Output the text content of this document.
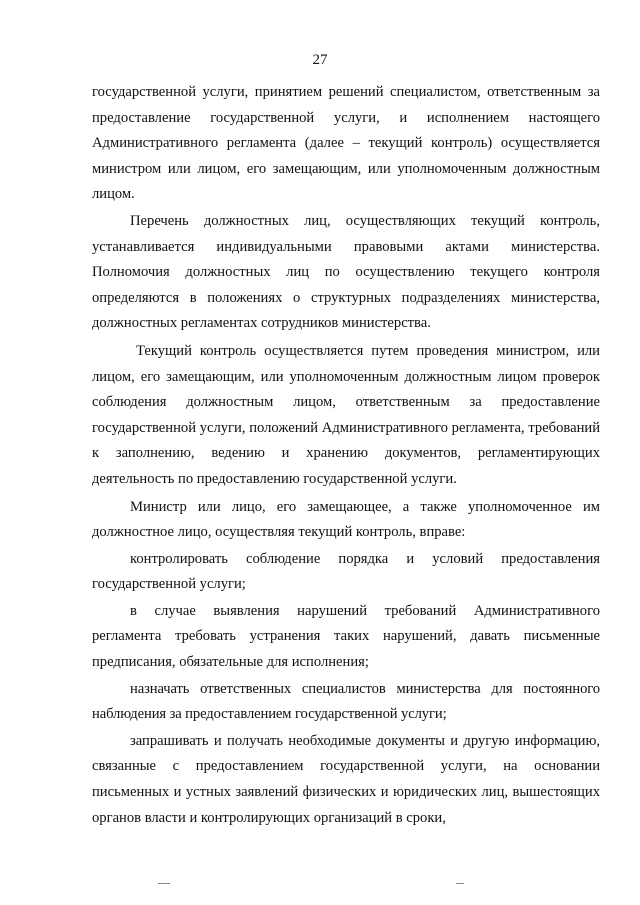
27

государственной услуги, принятием решений специалистом, ответственным за предоставление государственной услуги, и исполнением настоящего Административного регламента (далее – текущий контроль) осуществляется министром или лицом, его замещающим, или уполномоченным должностным лицом.

Перечень должностных лиц, осуществляющих текущий контроль, устанавливается индивидуальными правовыми актами министерства. Полномочия должностных лиц по осуществлению текущего контроля определяются в положениях о структурных подразделениях министерства, должностных регламентах сотрудников министерства.

Текущий контроль осуществляется путем проведения министром, или лицом, его замещающим, или уполномоченным должностным лицом проверок соблюдения должностным лицом, ответственным за предоставление государственной услуги, положений Административного регламента, требований к заполнению, ведению и хранению документов, регламентирующих деятельность по предоставлению государственной услуги.

Министр или лицо, его замещающее, а также уполномоченное им должностное лицо, осуществляя текущий контроль, вправе:

контролировать соблюдение порядка и условий предоставления государственной услуги;

в случае выявления нарушений требований Административного регламента требовать устранения таких нарушений, давать письменные предписания, обязательные для исполнения;

назначать ответственных специалистов министерства для постоянного наблюдения за предоставлением государственной услуги;

запрашивать и получать необходимые документы и другую информацию, связанные с предоставлением государственной услуги, на основании письменных и устных заявлений физических и юридических лиц, вышестоящих органов власти и контролирующих организаций в сроки,
